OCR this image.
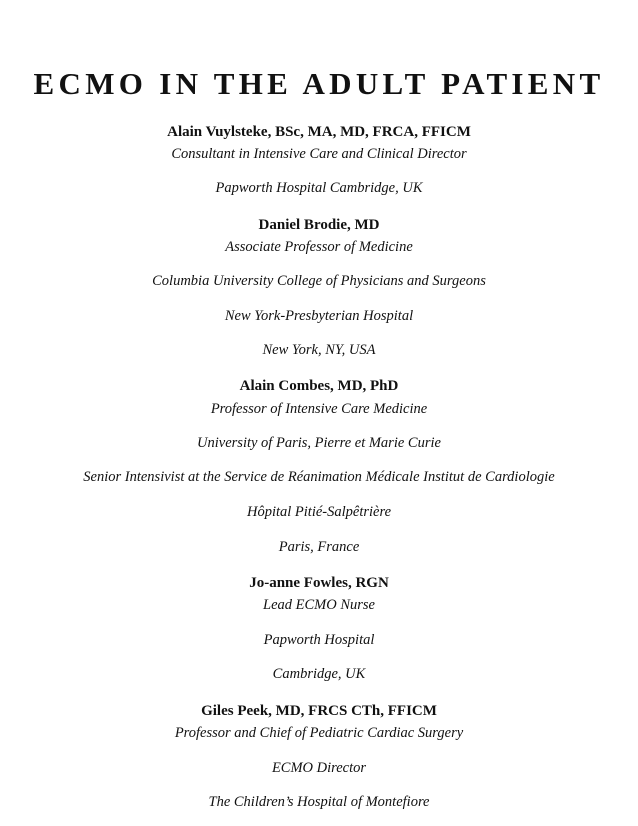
ECMO IN THE ADULT PATIENT
Alain Vuylsteke, BSc, MA, MD, FRCA, FFICM
Consultant in Intensive Care and Clinical Director
Papworth Hospital Cambridge, UK
Daniel Brodie, MD
Associate Professor of Medicine
Columbia University College of Physicians and Surgeons
New York-Presbyterian Hospital
New York, NY, USA
Alain Combes, MD, PhD
Professor of Intensive Care Medicine
University of Paris, Pierre et Marie Curie
Senior Intensivist at the Service de Réanimation Médicale Institut de Cardiologie
Hôpital Pitié-Salpêtrière
Paris, France
Jo-anne Fowles, RGN
Lead ECMO Nurse
Papworth Hospital
Cambridge, UK
Giles Peek, MD, FRCS CTh, FFICM
Professor and Chief of Pediatric Cardiac Surgery
ECMO Director
The Children’s Hospital of Montefiore
